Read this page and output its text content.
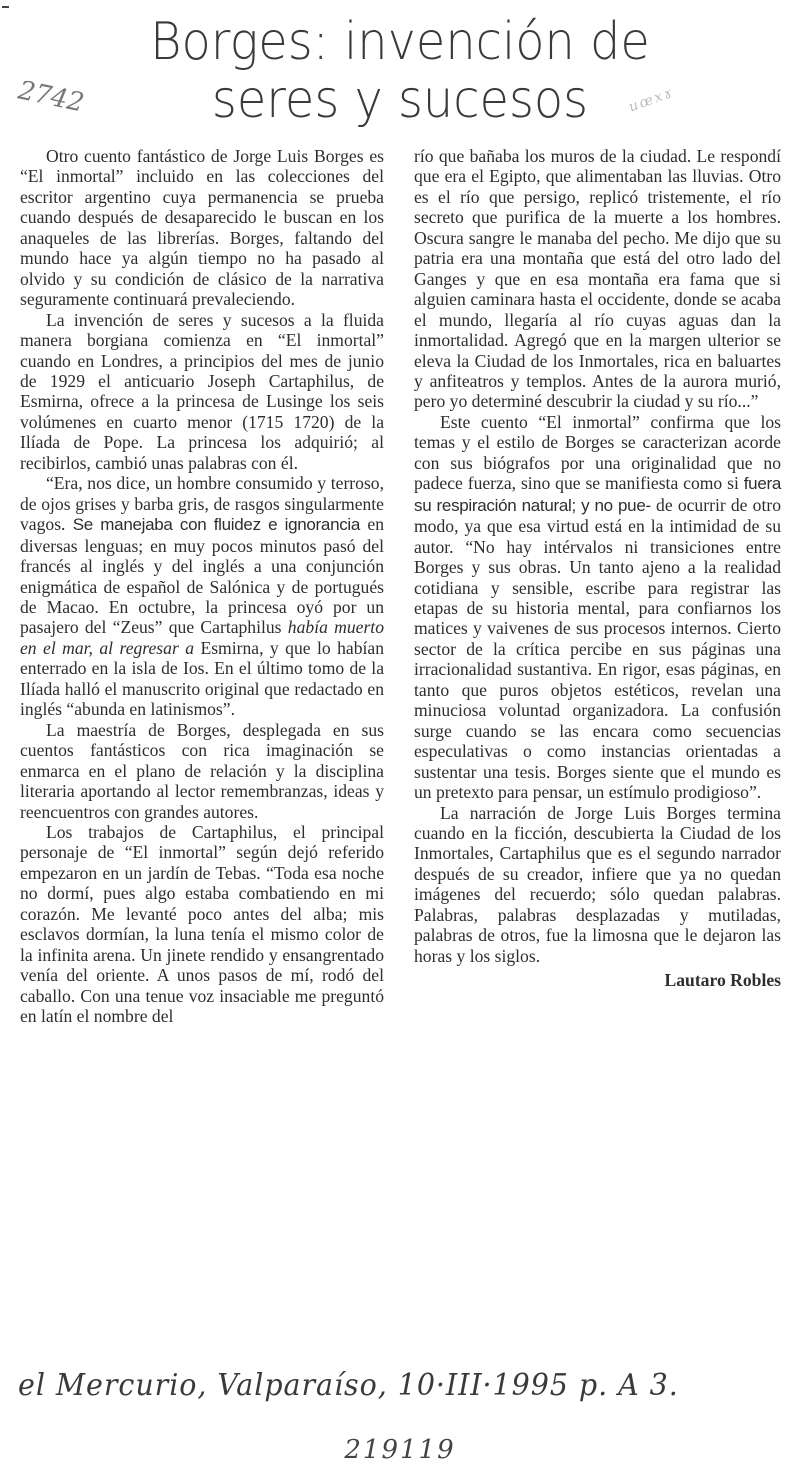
2742	uœxɤ
Borges: invención de
seres y sucesos

Otro cuento fantástico de Jorge Luis Borges es “El inmortal” incluido en las colecciones del escritor argentino cuya permanencia se prueba cuando después de desaparecido le buscan en los anaqueles de las librerías. Borges, faltando del mundo hace ya algún tiempo no ha pasado al olvido y su condición de clásico de la narrativa seguramente continuará prevaleciendo.

La invención de seres y sucesos a la fluida manera borgiana comienza en “El inmortal” cuando en Londres, a principios del mes de junio de 1929 el anticuario Joseph Cartaphilus, de Esmirna, ofrece a la princesa de Lusinge los seis volúmenes en cuarto menor (1715 1720) de la Ilíada de Pope. La princesa los adquirió; al recibirlos, cambió unas palabras con él.

“Era, nos dice, un hombre consumido y terroso, de ojos grises y barba gris, de rasgos singularmente vagos. Se manejaba con fluidez e ignorancia en diversas lenguas; en muy pocos minutos pasó del francés al inglés y del inglés a una conjunción enigmática de español de Salónica y de portugués de Macao. En octubre, la princesa oyó por un pasajero del “Zeus” que Cartaphilus había muerto en el mar, al regresar a Esmirna, y que lo habían enterrado en la isla de Ios. En el último tomo de la Ilíada halló el manuscrito original que redactado en inglés “abunda en latinismos”.

La maestría de Borges, desplegada en sus cuentos fantásticos con rica imaginación se enmarca en el plano de relación y la disciplina literaria aportando al lector remembranzas, ideas y reencuentros con grandes autores.

Los trabajos de Cartaphilus, el principal personaje de “El inmortal” según dejó referido empezaron en un jardín de Tebas. “Toda esa noche no dormí, pues algo estaba combatiendo en mi corazón. Me levanté poco antes del alba; mis esclavos dormían, la luna tenía el mismo color de la infinita arena. Un jinete rendido y ensangrentado venía del oriente. A unos pasos de mí, rodó del caballo. Con una tenue voz insaciable me preguntó en latín el nombre del

río que bañaba los muros de la ciudad. Le respondí que era el Egipto, que alimentaban las lluvias. Otro es el río que persigo, replicó tristemente, el río secreto que purifica de la muerte a los hombres. Oscura sangre le manaba del pecho. Me dijo que su patria era una montaña que está del otro lado del Ganges y que en esa montaña era fama que si alguien caminara hasta el occidente, donde se acaba el mundo, llegaría al río cuyas aguas dan la inmortalidad. Agregó que en la margen ulterior se eleva la Ciudad de los Inmortales, rica en baluartes y anfiteatros y templos. Antes de la aurora murió, pero yo determiné descubrir la ciudad y su río...”

Este cuento “El inmortal” confirma que los temas y el estilo de Borges se caracterizan acorde con sus biógrafos por una originalidad que no padece fuerza, sino que se manifiesta como si fuera su respiración natural; y no pue- de ocurrir de otro modo, ya que esa virtud está en la intimidad de su autor. “No hay intérvalos ni transiciones entre Borges y sus obras. Un tanto ajeno a la realidad cotidiana y sensible, escribe para registrar las etapas de su historia mental, para confiarnos los matices y vaivenes de sus procesos internos. Cierto sector de la crítica percibe en sus páginas una irracionalidad sustantiva. En rigor, esas páginas, en tanto que puros objetos estéticos, revelan una minuciosa voluntad organizadora. La confusión surge cuando se las encara como secuencias especulativas o como instancias orientadas a sustentar una tesis. Borges siente que el mundo es un pretexto para pensar, un estímulo prodigioso”.

La narración de Jorge Luis Borges termina cuando en la ficción, descubierta la Ciudad de los Inmortales, Cartaphilus que es el segundo narrador después de su creador, infiere que ya no quedan imágenes del recuerdo; sólo quedan palabras. Palabras, palabras desplazadas y mutiladas, palabras de otros, fue la limosna que le dejaron las horas y los siglos.

Lautaro Robles

el Mercurio, Valparaíso, 10·III·1995 p. A 3.
219119
